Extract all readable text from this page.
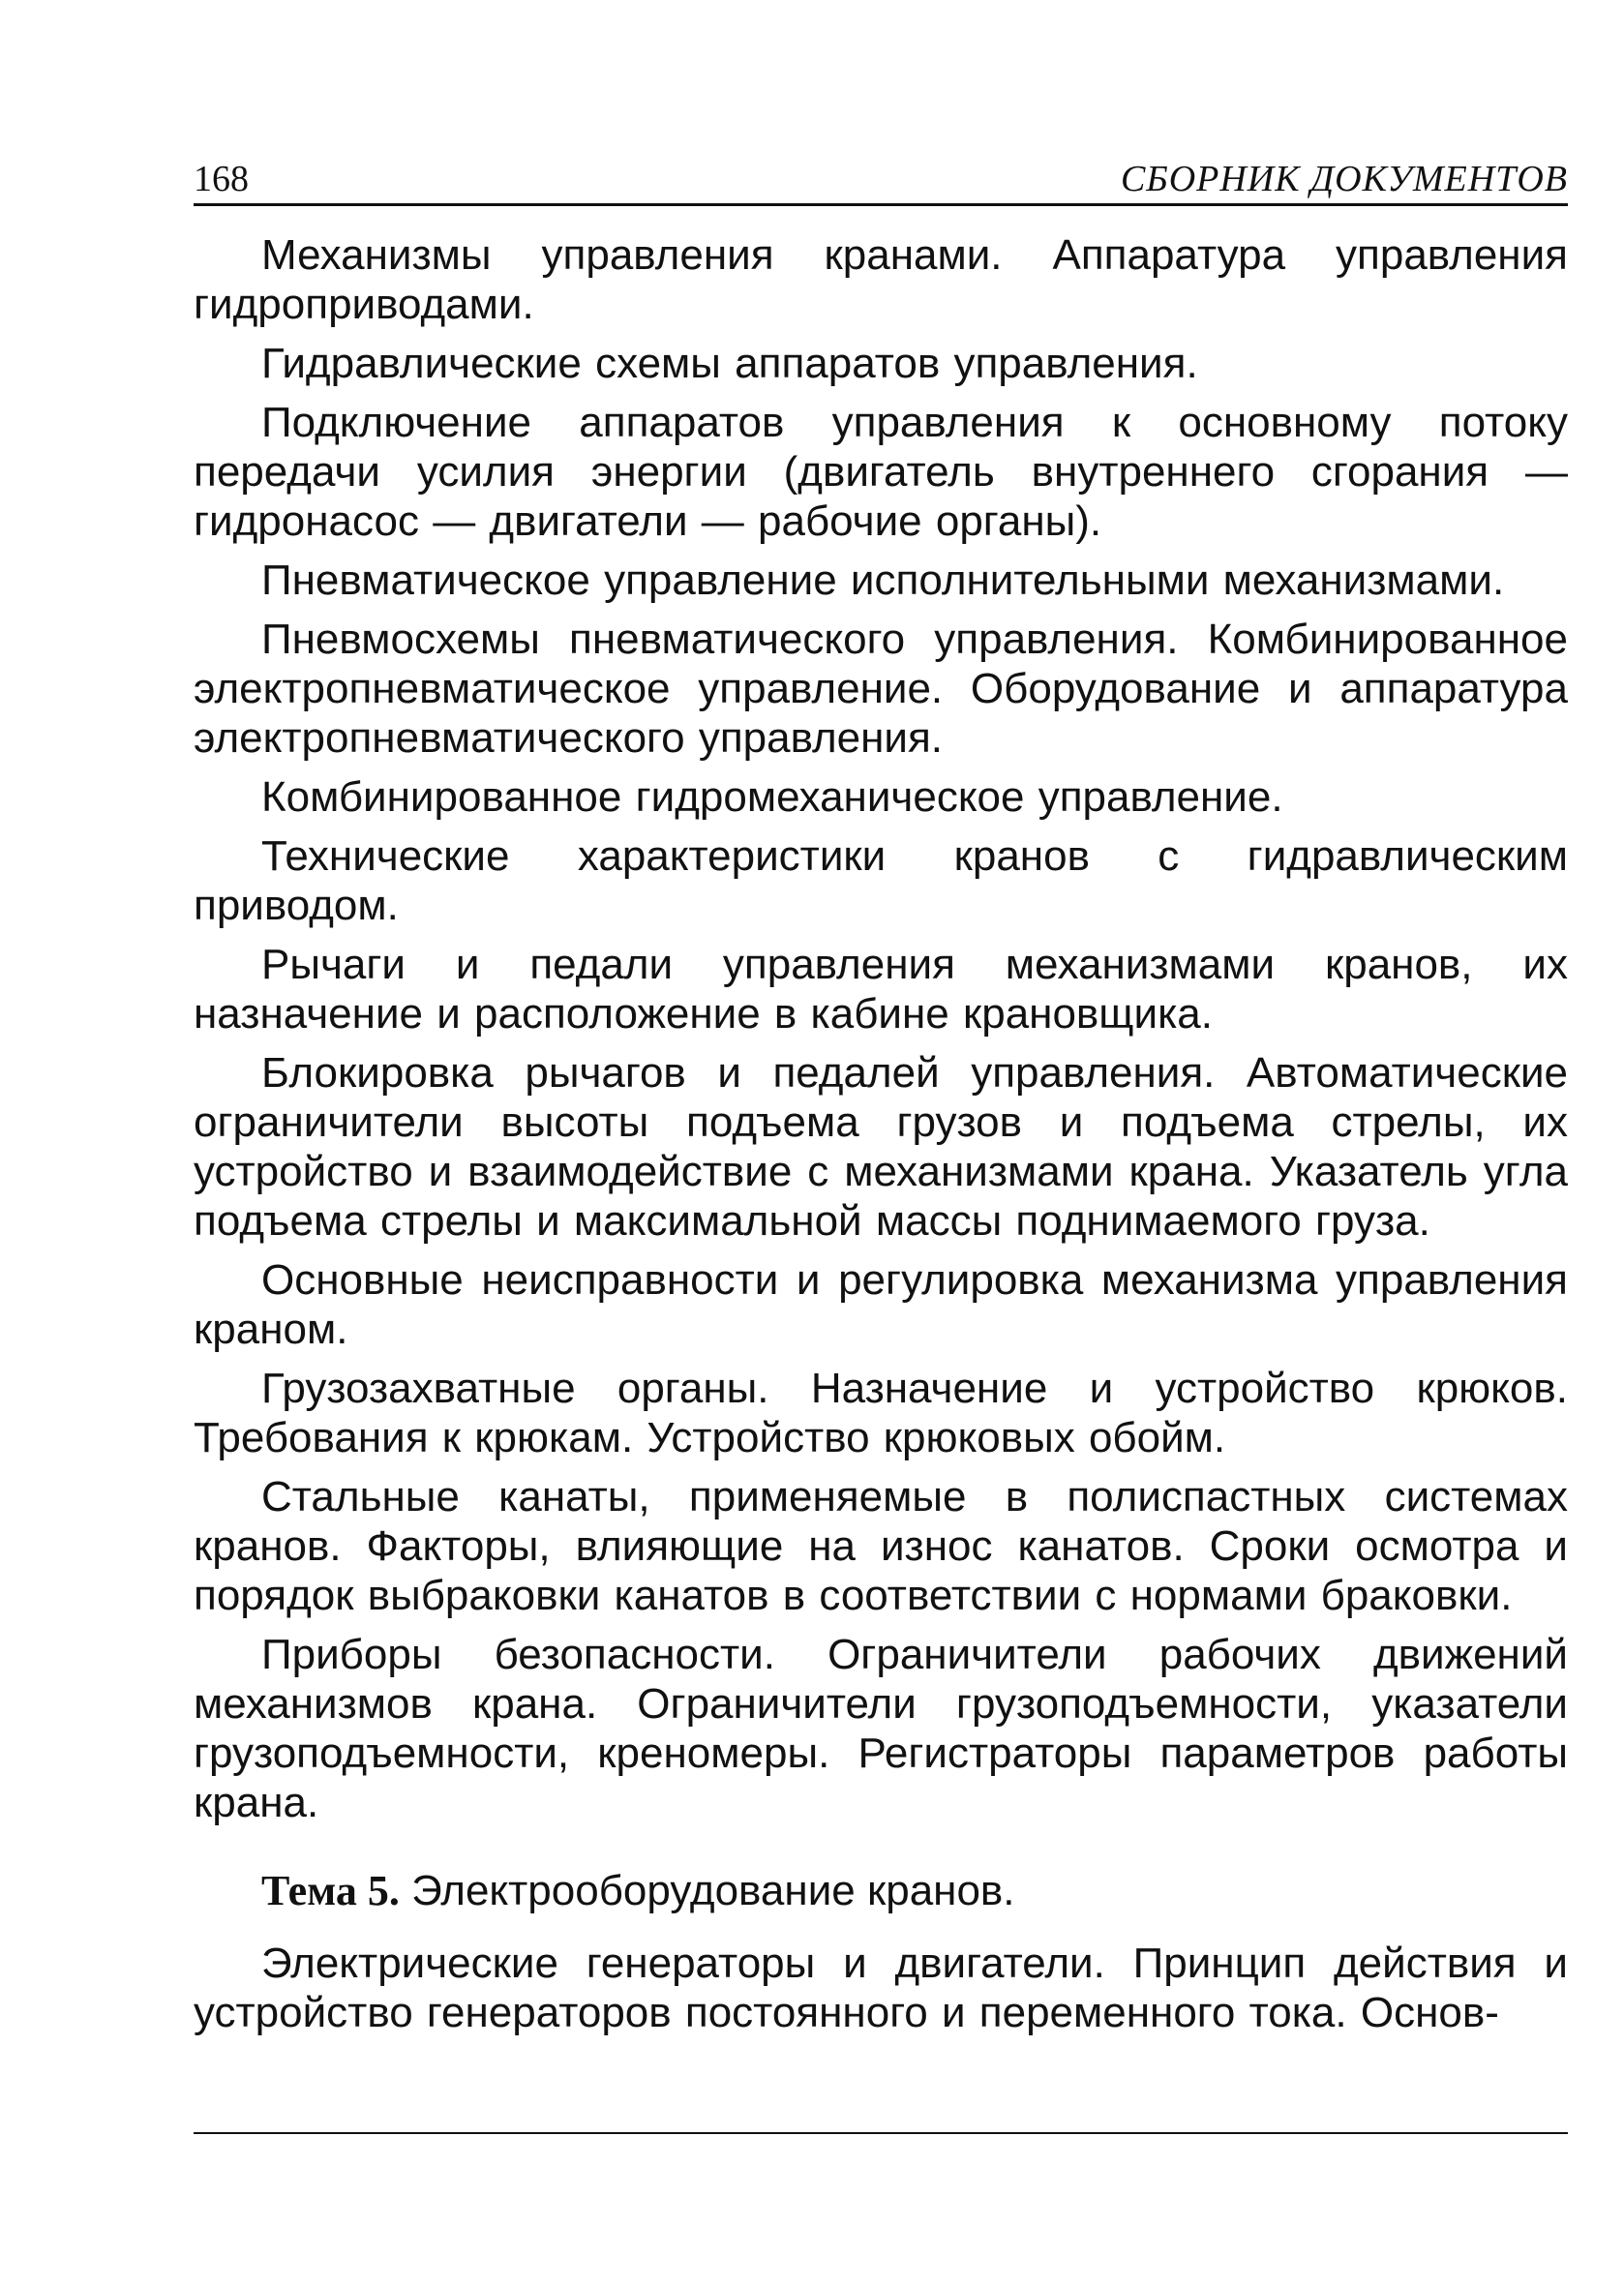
168	СБОРНИК ДОКУМЕНТОВ

Механизмы управления кранами. Аппаратура управления гидроприводами.

Гидравлические схемы аппаратов управления.

Подключение аппаратов управления к основному потоку передачи усилия энергии (двигатель внутреннего сгорания — гидронасос — двигатели — рабочие органы).

Пневматическое управление исполнительными механизмами.

Пневмосхемы пневматического управления. Комбинированное электропневматическое управление. Оборудование и аппаратура электропневматического управления.

Комбинированное гидромеханическое управление.

Технические характеристики кранов с гидравлическим приводом.

Рычаги и педали управления механизмами кранов, их назначение и расположение в кабине крановщика.

Блокировка рычагов и педалей управления. Автоматические ограничители высоты подъема грузов и подъема стрелы, их устройство и взаимодействие с механизмами крана. Указатель угла подъема стрелы и максимальной массы поднимаемого груза.

Основные неисправности и регулировка механизма управления краном.

Грузозахватные органы. Назначение и устройство крюков. Требования к крюкам. Устройство крюковых обойм.

Стальные канаты, применяемые в полиспастных системах кранов. Факторы, влияющие на износ канатов. Сроки осмотра и порядок выбраковки канатов в соответствии с нормами браковки.

Приборы безопасности. Ограничители рабочих движений механизмов крана. Ограничители грузоподъемности, указатели грузоподъемности, креномеры. Регистраторы параметров работы крана.

Тема 5. Электрооборудование кранов.

Электрические генераторы и двигатели. Принцип действия и устройство генераторов постоянного и переменного тока. Основ-
